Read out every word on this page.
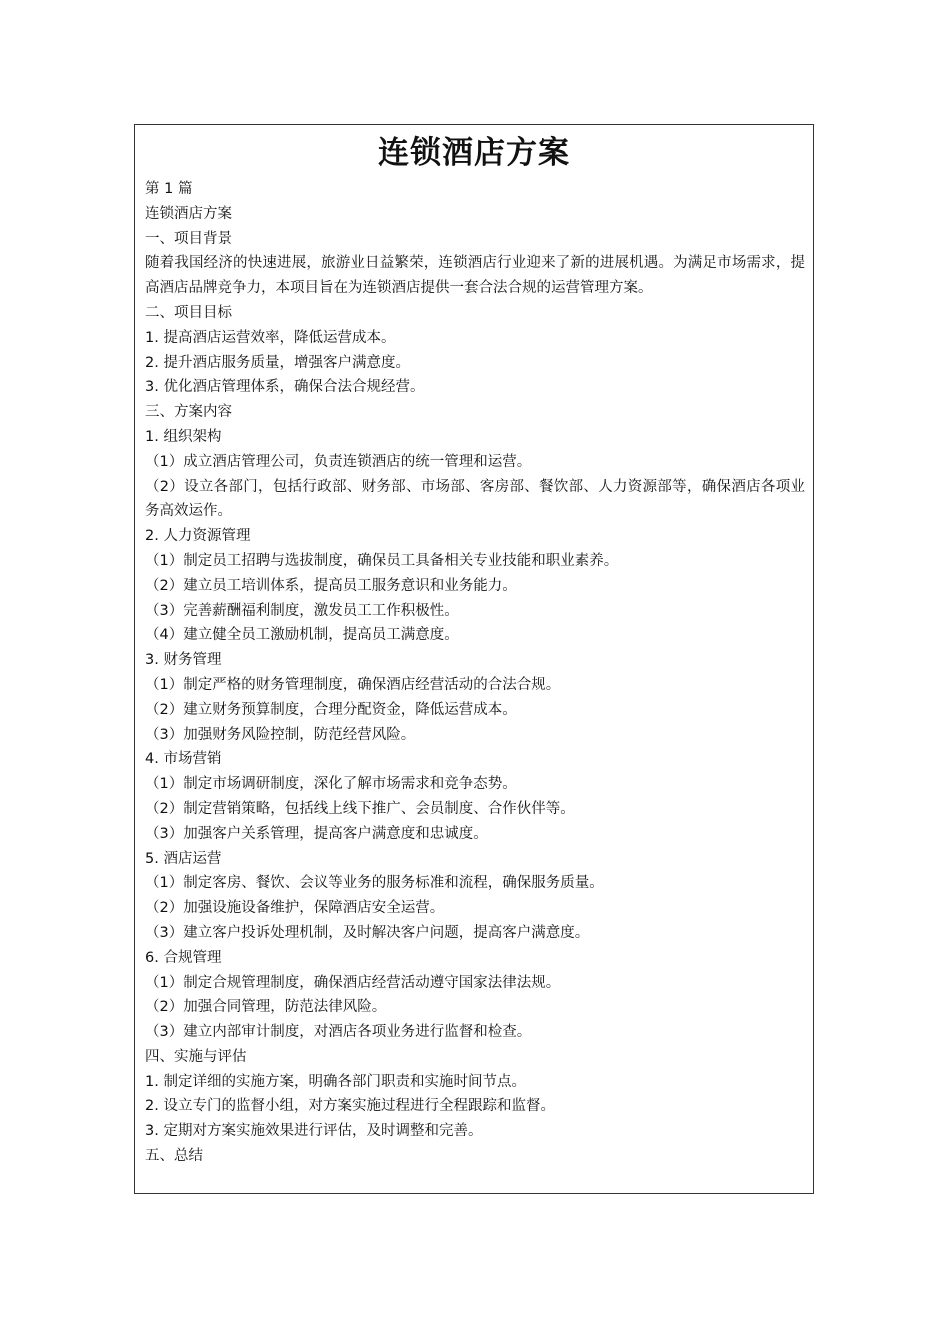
连锁酒店方案

第 1 篇

连锁酒店方案

一、项目背景

随着我国经济的快速进展，旅游业日益繁荣，连锁酒店行业迎来了新的进展机遇。为满足市场需求，提高酒店品牌竞争力，本项目旨在为连锁酒店提供一套合法合规的运营管理方案。

二、项目目标

1. 提高酒店运营效率，降低运营成本。

2. 提升酒店服务质量，增强客户满意度。

3. 优化酒店管理体系，确保合法合规经营。

三、方案内容

1. 组织架构

（1）成立酒店管理公司，负责连锁酒店的统一管理和运营。

（2）设立各部门，包括行政部、财务部、市场部、客房部、餐饮部、人力资源部等，确保酒店各项业务高效运作。

2. 人力资源管理

（1）制定员工招聘与选拔制度，确保员工具备相关专业技能和职业素养。

（2）建立员工培训体系，提高员工服务意识和业务能力。

（3）完善薪酬福利制度，激发员工工作积极性。

（4）建立健全员工激励机制，提高员工满意度。

3. 财务管理

（1）制定严格的财务管理制度，确保酒店经营活动的合法合规。

（2）建立财务预算制度，合理分配资金，降低运营成本。

（3）加强财务风险控制，防范经营风险。

4. 市场营销

（1）制定市场调研制度，深化了解市场需求和竞争态势。

（2）制定营销策略，包括线上线下推广、会员制度、合作伙伴等。

（3）加强客户关系管理，提高客户满意度和忠诚度。

5. 酒店运营

（1）制定客房、餐饮、会议等业务的服务标准和流程，确保服务质量。

（2）加强设施设备维护，保障酒店安全运营。

（3）建立客户投诉处理机制，及时解决客户问题，提高客户满意度。

6. 合规管理

（1）制定合规管理制度，确保酒店经营活动遵守国家法律法规。

（2）加强合同管理，防范法律风险。

（3）建立内部审计制度，对酒店各项业务进行监督和检查。

四、实施与评估

1. 制定详细的实施方案，明确各部门职责和实施时间节点。

2. 设立专门的监督小组，对方案实施过程进行全程跟踪和监督。

3. 定期对方案实施效果进行评估，及时调整和完善。

五、总结
